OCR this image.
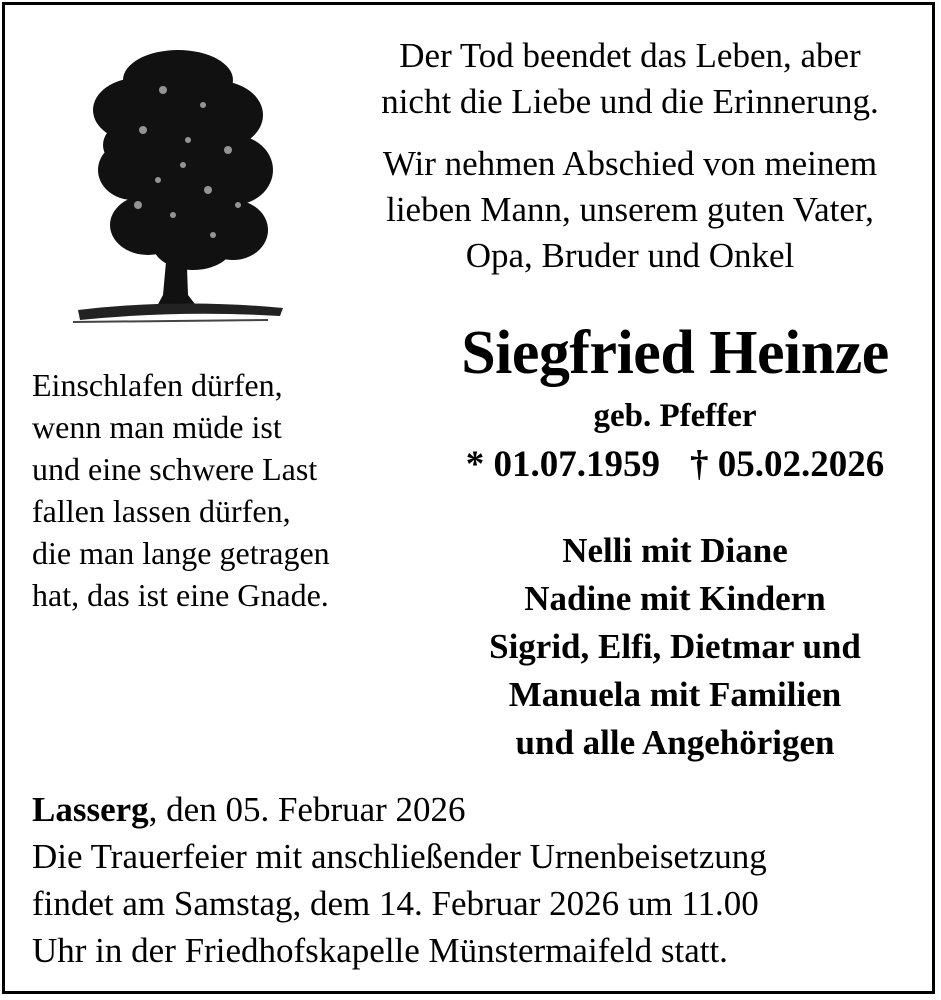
Der Tod beendet das Leben, aber
nicht die Liebe und die Erinnerung.

Wir nehmen Abschied von meinem
lieben Mann, unserem guten Vater,
Opa, Bruder und Onkel

Siegfried Heinze
geb. Pfeffer
* 01.07.1959 † 05.02.2026
Einschlafen dürfen,
wenn man müde ist
und eine schwere Last
fallen lassen dürfen,
die man lange getragen
hat, das ist eine Gnade.
Nelli mit Diane
Nadine mit Kindern
Sigrid, Elfi, Dietmar und
Manuela mit Familien
und alle Angehörigen
Lasserg, den 05. Februar 2026
Die Trauerfeier mit anschließender Urnenbeisetzung
findet am Samstag, dem 14. Februar 2026 um 11.00
Uhr in der Friedhofskapelle Münstermaifeld statt.
